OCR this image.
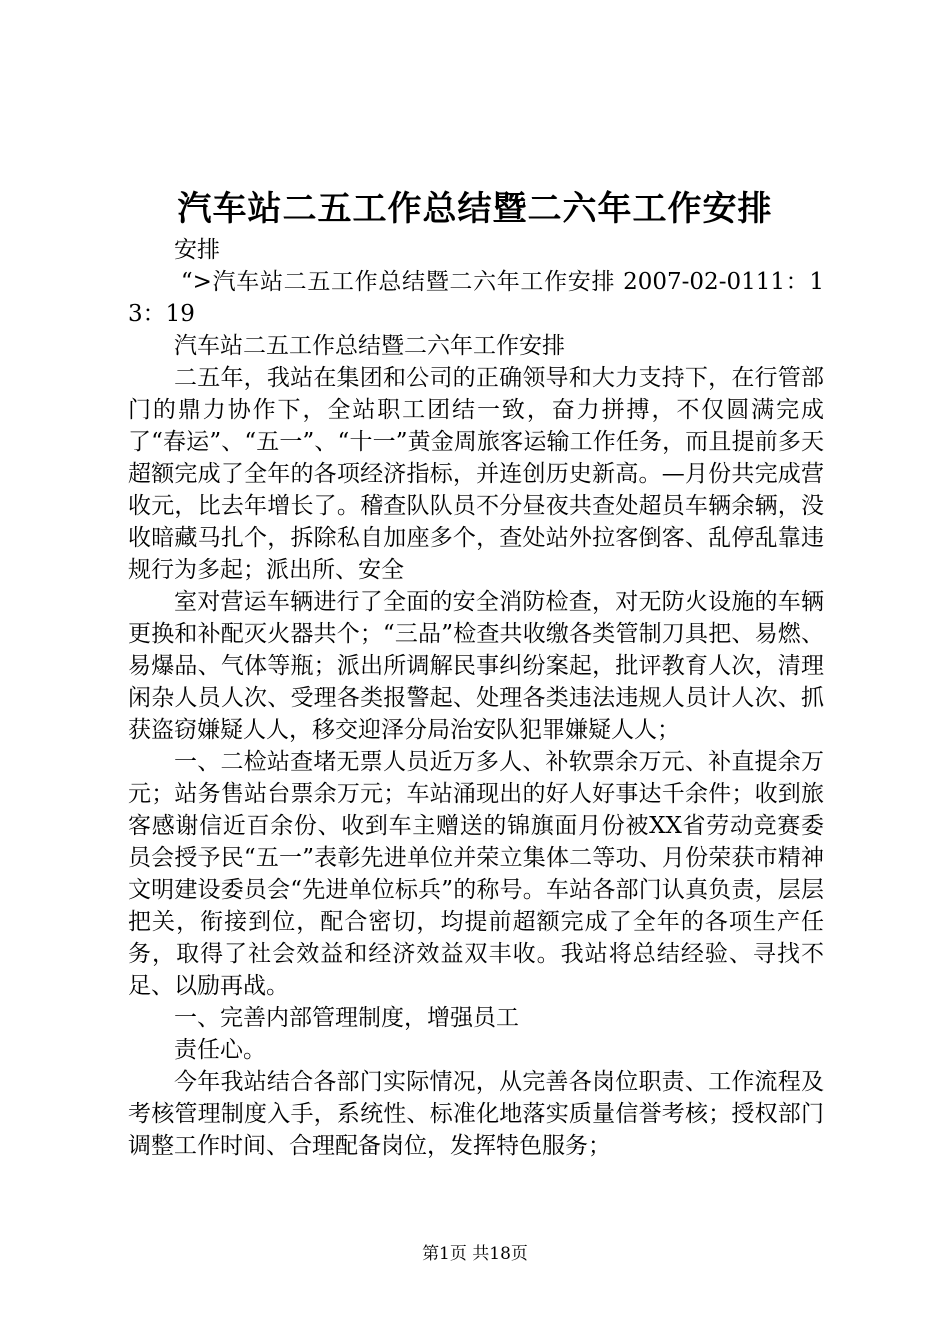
汽车站二五工作总结暨二六年工作安排

安排

“>汽车站二五工作总结暨二六年工作安排 2007-02-0111：13：19

汽车站二五工作总结暨二六年工作安排

二五年，我站在集团和公司的正确领导和大力支持下，在行管部门的鼎力协作下，全站职工团结一致，奋力拼搏，不仅圆满完成了“春运”、“五一”、“十一”黄金周旅客运输工作任务，而且提前多天超额完成了全年的各项经济指标，并连创历史新高。—月份共完成营收元，比去年增长了。稽查队队员不分昼夜共查处超员车辆余辆，没收暗藏马扎个，拆除私自加座多个，查处站外拉客倒客、乱停乱靠违规行为多起；派出所、安全

室对营运车辆进行了全面的安全消防检查，对无防火设施的车辆更换和补配灭火器共个；“三品”检查共收缴各类管制刀具把、易燃、易爆品、气体等瓶；派出所调解民事纠纷案起，批评教育人次，清理闲杂人员人次、受理各类报警起、处理各类违法违规人员计人次、抓获盗窃嫌疑人人，移交迎泽分局治安队犯罪嫌疑人人；

一、二检站查堵无票人员近万多人、补软票余万元、补直提余万元；站务售站台票余万元；车站涌现出的好人好事达千余件；收到旅客感谢信近百余份、收到车主赠送的锦旗面月份被XX省劳动竞赛委员会授予民“五一”表彰先进单位并荣立集体二等功、月份荣获市精神文明建设委员会“先进单位标兵”的称号。车站各部门认真负责，层层把关，衔接到位，配合密切，均提前超额完成了全年的各项生产任务，取得了社会效益和经济效益双丰收。我站将总结经验、寻找不足、以励再战。

一、完善内部管理制度，增强员工

责任心。

今年我站结合各部门实际情况，从完善各岗位职责、工作流程及考核管理制度入手，系统性、标准化地落实质量信誉考核；授权部门调整工作时间、合理配备岗位，发挥特色服务；

第1页 共18页
